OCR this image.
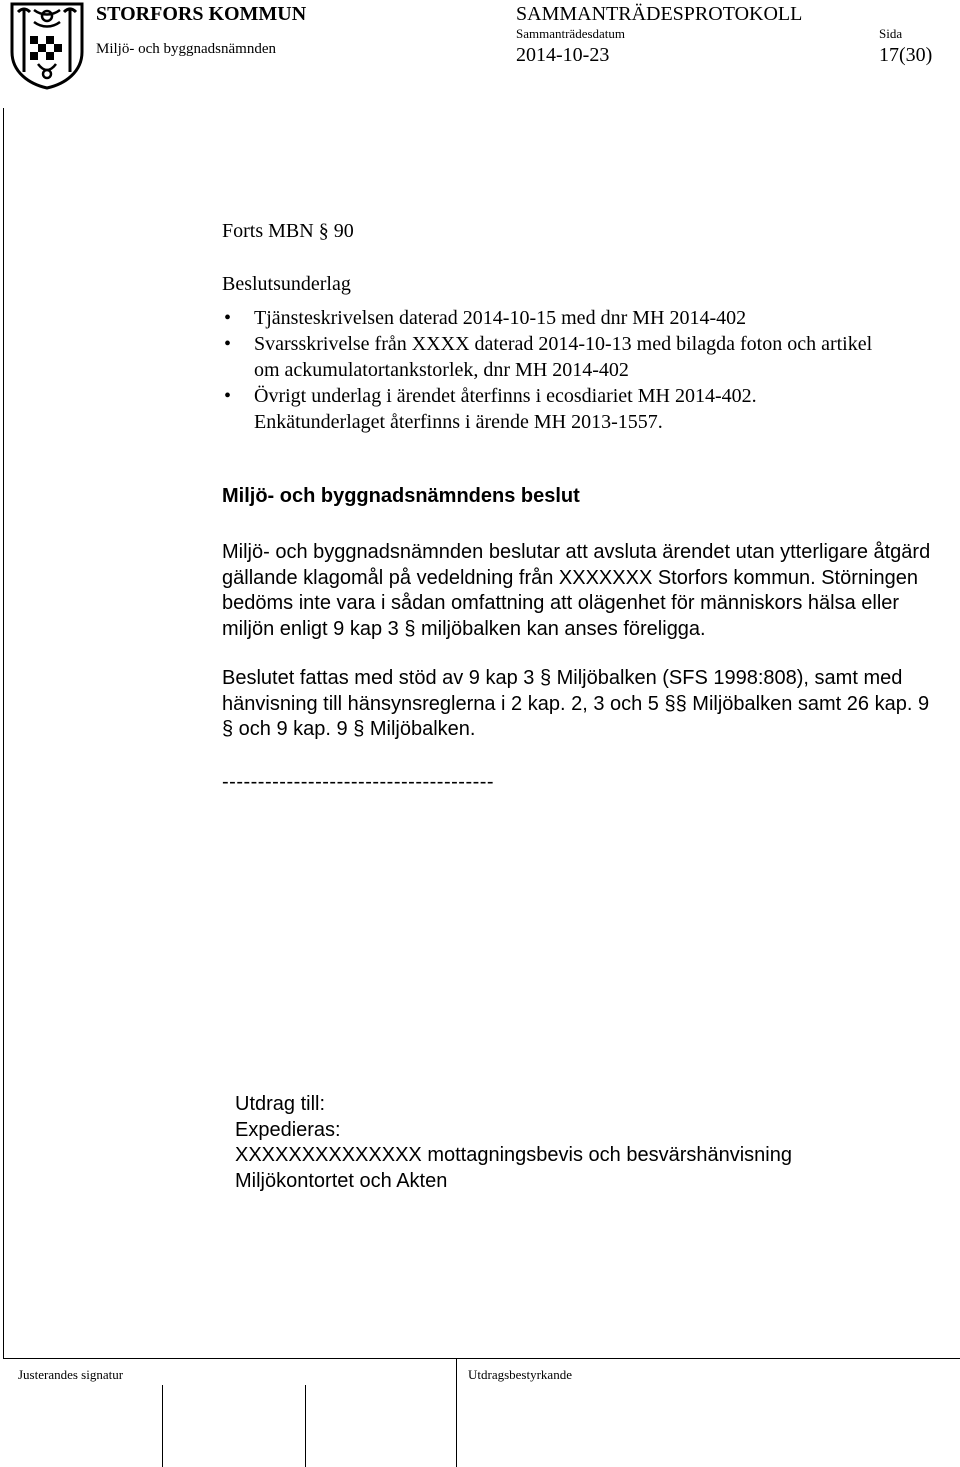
STORFORS KOMMUN
Miljö- och byggnadsnämnden
SAMMANTRÄDESPROTOKOLL
Sammanträdesdatum
2014-10-23
Sida
17(30)
Forts MBN § 90
Beslutsunderlag
• Tjänsteskrivelsen daterad 2014-10-15 med dnr MH 2014-402
• Svarsskrivelse från XXXX daterad 2014-10-13 med bilagda foton och artikel
om ackumulatortankstorlek, dnr MH 2014-402
• Övrigt underlag i ärendet återfinns i ecosdiariet MH 2014-402.
Enkätunderlaget återfinns i ärende MH 2013-1557.
Miljö- och byggnadsnämndens beslut
Miljö- och byggnadsnämnden beslutar att avsluta ärendet utan ytterligare åtgärd
gällande klagomål på vedeldning från XXXXXXX Storfors kommun. Störningen
bedöms inte vara i sådan omfattning att olägenhet för människors hälsa eller
miljön enligt 9 kap 3 § miljöbalken kan anses föreligga.
Beslutet fattas med stöd av 9 kap 3 § Miljöbalken (SFS 1998:808), samt med
hänvisning till hänsynsreglerna i 2 kap. 2, 3 och 5 §§ Miljöbalken samt 26 kap. 9
§ och 9 kap. 9 § Miljöbalken.
--------------------------------------
Utdrag till:
Expedieras:
XXXXXXXXXXXXXX mottagningsbevis och besvärshänvisning
Miljökontortet och Akten
Justerandes signatur	Utdragsbestyrkande
